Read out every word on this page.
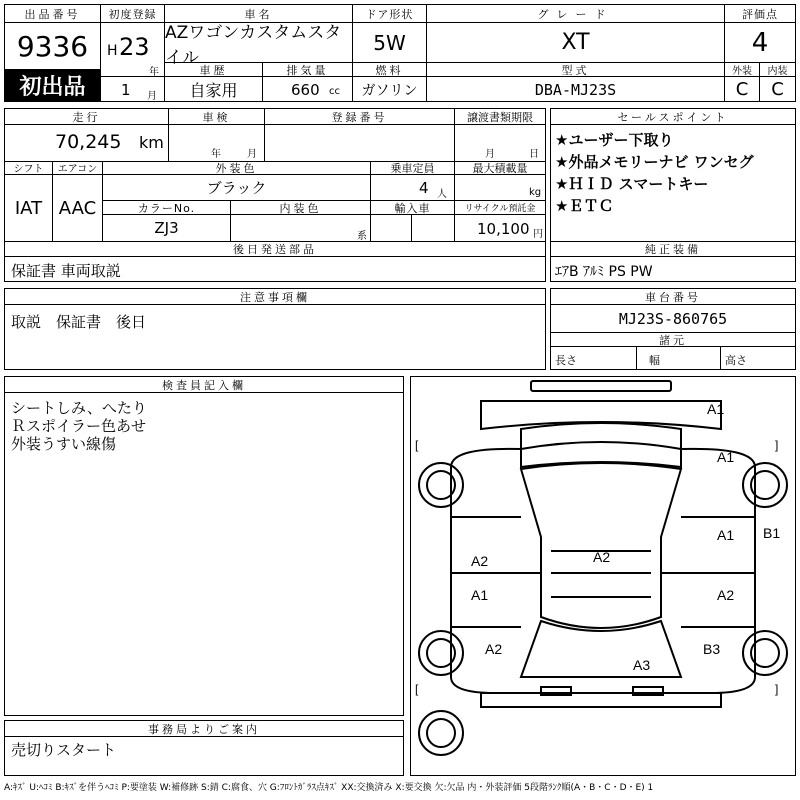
出品番号
9336
初出品
初度登録
H 23
年
1 月
車名
AZワゴンカスタムスタイル
ドア形状
5W
グレード
XT
評価点
4
車歴
自家用
排気量
660 cc
燃料
ガソリン
型式
DBA-MJ23S
外装
C
内装
C
走行
70,245 km
車検
年	月
登録番号	譲渡書類期限
月	日
シフト
IAT
エアコン
AAC
外装色
ブラック
乗車定員
4 人
最大積載量
kg
カラーNo.
ZJ3
内装色
系
輸入車	リサイクル預託金
10,100 円
後日発送部品
保証書 車両取説
セールスポイント
★ユーザー下取り
★外品メモリーナビ ワンセグ
★ＨＩＤ スマートキー
★ＥＴＣ
純正装備
ｴｱB ｱﾙﾐ PS PW
注意事項欄
取説　保証書　後日
車台番号
MJ23S-860765
諸元
長さ	幅	高さ
検査員記入欄
シートしみ、へたり
Ｒスポイラー色あせ
外装うすい線傷
事務局よりご案内
売切りスタート
[	]
[	]
A1
A1
B1
A1
A2	A2
A1	A2
A2	B3
A3
A:ｷｽﾞ U:ﾍｺﾐ B:ｷｽﾞを伴うﾍｺﾐ P:要塗装 W:補修跡 S:錆 C:腐食、穴 G:ﾌﾛﾝﾄｶﾞﾗｽ点ｷｽﾞ XX:交換済み X:要交換 欠:欠品 内・外装評価 5段階ﾗﾝｸ順(A・B・C・D・E) 1
